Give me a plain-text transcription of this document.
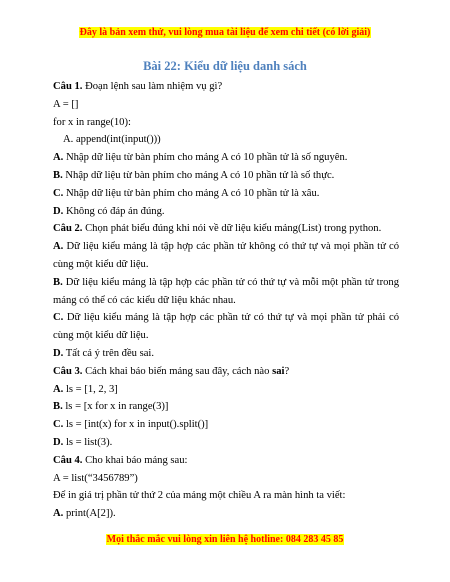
Đây là bản xem thử, vui lòng mua tài liệu để xem chi tiết (có lời giải)
Bài 22: Kiểu dữ liệu danh sách

Câu 1. Đoạn lệnh sau làm nhiệm vụ gì?

A = []

for x in range(10):

A. append(int(input()))

A. Nhập dữ liệu từ bàn phím cho mảng A có 10 phần tử là số nguyên.

B. Nhập dữ liệu từ bàn phím cho mảng A có 10 phần tử là số thực.

C. Nhập dữ liệu từ bàn phím cho mảng A có 10 phần tử là xâu.

D. Không có đáp án đúng.

Câu 2. Chọn phát biểu đúng khi nói về dữ liệu kiểu mảng(List) trong python.

A. Dữ liệu kiểu mảng là tập hợp các phần tử không có thứ tự và mọi phần tử có cùng một kiểu dữ liệu.

B. Dữ liệu kiểu mảng là tập hợp các phần tử có thứ tự và mỗi một phần tử trong mảng có thể có các kiểu dữ liệu khác nhau.

C. Dữ liệu kiểu mảng là tập hợp các phần tử có thứ tự và mọi phần tử phải có cùng một kiểu dữ liệu.

D. Tất cả ý trên đều sai.

Câu 3. Cách khai báo biến mảng sau đây, cách nào sai?

A. ls = [1, 2, 3]

B. ls = [x for x in range(3)]

C. ls = [int(x) for x in input().split()]

D. ls = list(3).

Câu 4. Cho khai báo mảng sau:

A = list(“3456789”)

Để in giá trị phần tử thứ 2 của mảng một chiều A ra màn hình ta viết:

A. print(A[2]).

Mọi thắc mắc vui lòng xin liên hệ hotline: 084 283 45 85
